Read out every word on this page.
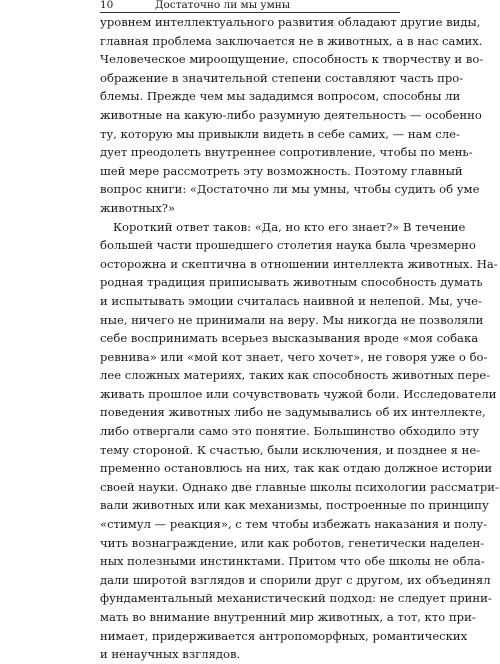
10	Достаточно ли мы умны
уровнем интеллектуального развития обладают другие виды,
главная проблема заключается не в животных, а в нас самих.
Человеческое мироощущение, способность к творчеству и во-
ображение в значительной степени составляют часть про-
блемы. Прежде чем мы зададимся вопросом, способны ли
животные на какую-либо разумную деятельность — особенно
ту, которую мы привыкли видеть в себе самих, — нам сле-
дует преодолеть внутреннее сопротивление, чтобы по мень-
шей мере рассмотреть эту возможность. Поэтому главный
вопрос книги: «Достаточно ли мы умны, чтобы судить об уме
животных?»
Короткий ответ таков: «Да, но кто его знает?» В течение
большей части прошедшего столетия наука была чрезмерно
осторожна и скептична в отношении интеллекта животных. На-
родная традиция приписывать животным способность думать
и испытывать эмоции считалась наивной и нелепой. Мы, уче-
ные, ничего не принимали на веру. Мы никогда не позволяли
себе воспринимать всерьез высказывания вроде «моя собака
ревнива» или «мой кот знает, чего хочет», не говоря уже о бо-
лее сложных материях, таких как способность животных пере-
живать прошлое или сочувствовать чужой боли. Исследователи
поведения животных либо не задумывались об их интеллекте,
либо отвергали само это понятие. Большинство обходило эту
тему стороной. К счастью, были исключения, и позднее я не-
пременно остановлюсь на них, так как отдаю должное истории
своей науки. Однако две главные школы психологии рассматри-
вали животных или как механизмы, построенные по принципу
«стимул — реакция», с тем чтобы избежать наказания и полу-
чить вознаграждение, или как роботов, генетически наделен-
ных полезными инстинктами. Притом что обе школы не обла-
дали широтой взглядов и спорили друг с другом, их объединял
фундаментальный механистический подход: не следует прини-
мать во внимание внутренний мир животных, а тот, кто при-
нимает, придерживается антропоморфных, романтических
и ненаучных взглядов.
